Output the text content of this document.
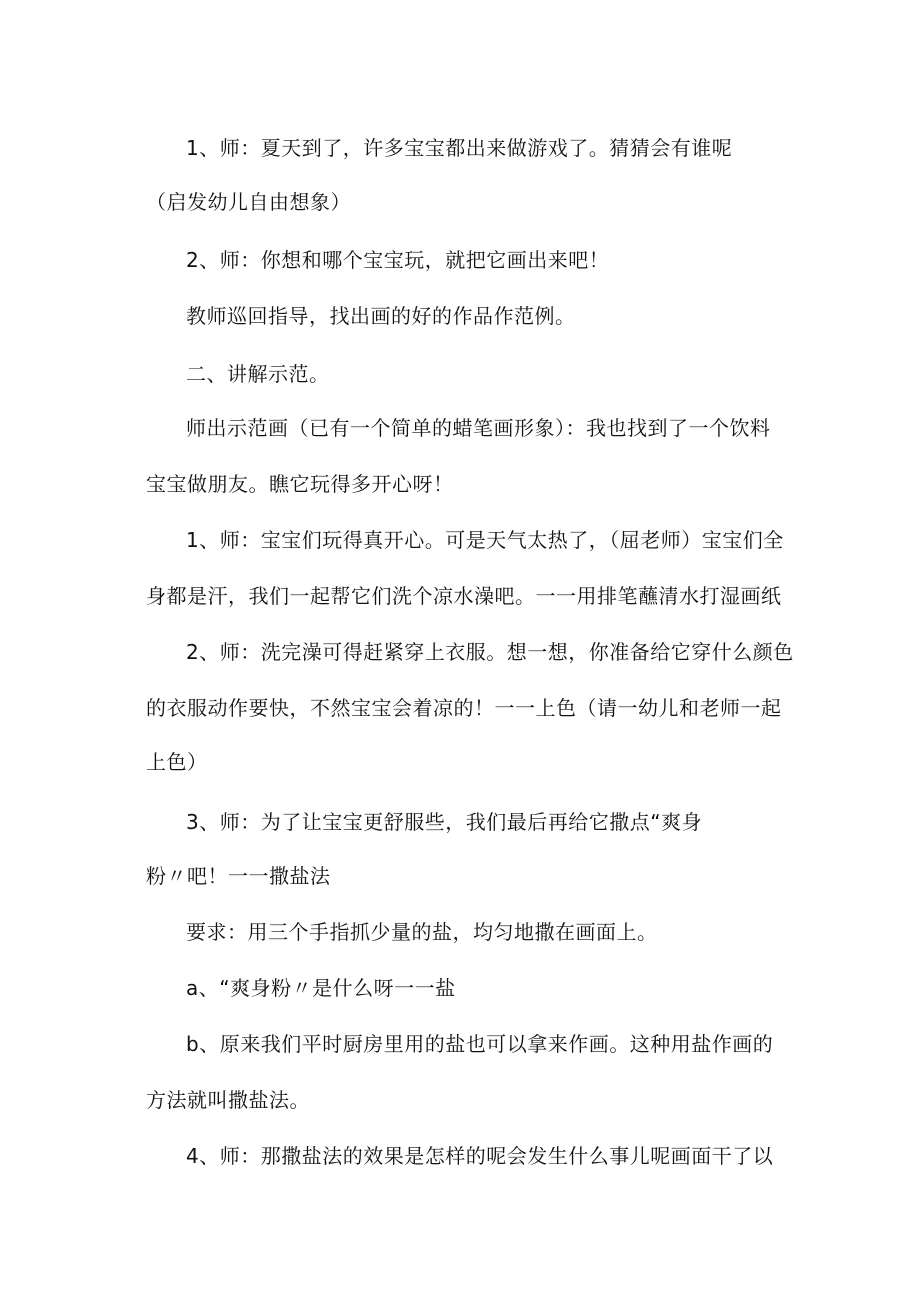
1、师：夏天到了，许多宝宝都出来做游戏了。猜猜会有谁呢
（启发幼儿自由想象）
2、师：你想和哪个宝宝玩，就把它画出来吧！
教师巡回指导，找出画的好的作品作范例。
二、讲解示范。
师出示范画（已有一个简单的蜡笔画形象）：我也找到了一个饮料
宝宝做朋友。瞧它玩得多开心呀！
1、师：宝宝们玩得真开心。可是天气太热了，（屈老师）宝宝们全
身都是汗，我们一起帮它们洗个凉水澡吧。一一用排笔蘸清水打湿画纸
2、师：洗完澡可得赶紧穿上衣服。想一想，你准备给它穿什么颜色
的衣服动作要快，不然宝宝会着凉的！一一上色（请一幼儿和老师一起
上色）
3、师：为了让宝宝更舒服些，我们最后再给它撒点“爽身
粉〃吧！一一撒盐法
要求：用三个手指抓少量的盐，均匀地撒在画面上。
a、“爽身粉〃是什么呀一一盐
b、原来我们平时厨房里用的盐也可以拿来作画。这种用盐作画的
方法就叫撒盐法。
4、师：那撒盐法的效果是怎样的呢会发生什么事儿呢画面干了以
